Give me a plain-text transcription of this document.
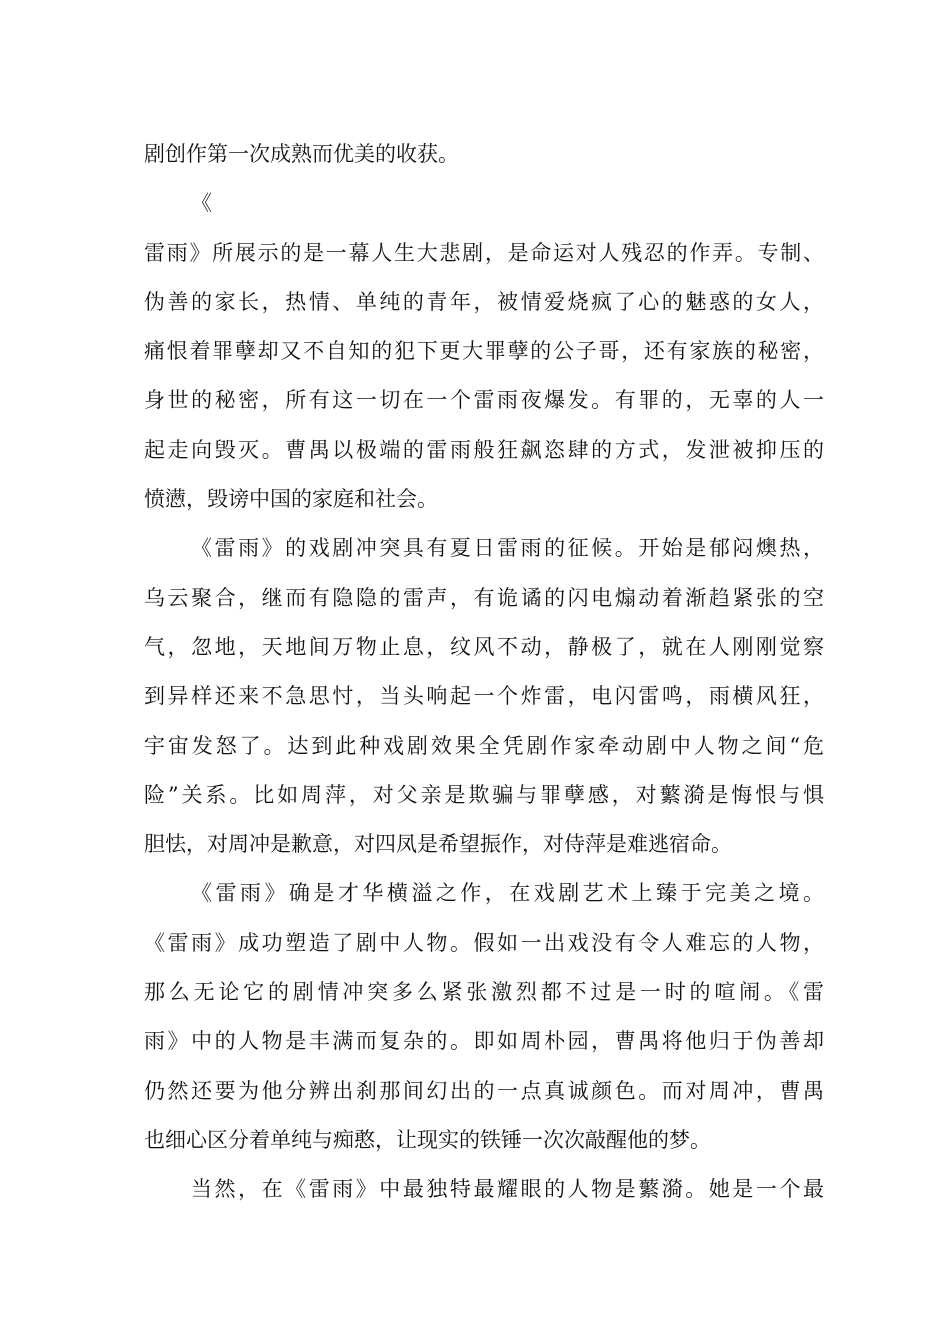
剧创作第一次成熟而优美的收获。
《
雷雨》所展示的是一幕人生大悲剧，是命运对人残忍的作弄。专制、
伪善的家长，热情、单纯的青年，被情爱烧疯了心的魅惑的女人，
痛恨着罪孽却又不自知的犯下更大罪孽的公子哥，还有家族的秘密，
身世的秘密，所有这一切在一个雷雨夜爆发。有罪的，无辜的人一
起走向毁灭。曹禺以极端的雷雨般狂飙恣肆的方式，发泄被抑压的
愤懑，毁谤中国的家庭和社会。
《雷雨》的戏剧冲突具有夏日雷雨的征候。开始是郁闷燠热，
乌云聚合，继而有隐隐的雷声，有诡谲的闪电煽动着渐趋紧张的空
气，忽地，天地间万物止息，纹风不动，静极了，就在人刚刚觉察
到异样还来不急思忖，当头响起一个炸雷，电闪雷鸣，雨横风狂，
宇宙发怒了。达到此种戏剧效果全凭剧作家牵动剧中人物之间“危
险”关系。比如周萍，对父亲是欺骗与罪孽感，对蘩漪是悔恨与惧
胆怯，对周冲是歉意，对四凤是希望振作，对侍萍是难逃宿命。
《雷雨》确是才华横溢之作，在戏剧艺术上臻于完美之境。
《雷雨》成功塑造了剧中人物。假如一出戏没有令人难忘的人物，
那么无论它的剧情冲突多么紧张激烈都不过是一时的喧闹。《雷
雨》中的人物是丰满而复杂的。即如周朴园，曹禺将他归于伪善却
仍然还要为他分辨出刹那间幻出的一点真诚颜色。而对周冲，曹禺
也细心区分着单纯与痴憨，让现实的铁锤一次次敲醒他的梦。
当然，在《雷雨》中最独特最耀眼的人物是蘩漪。她是一个最
